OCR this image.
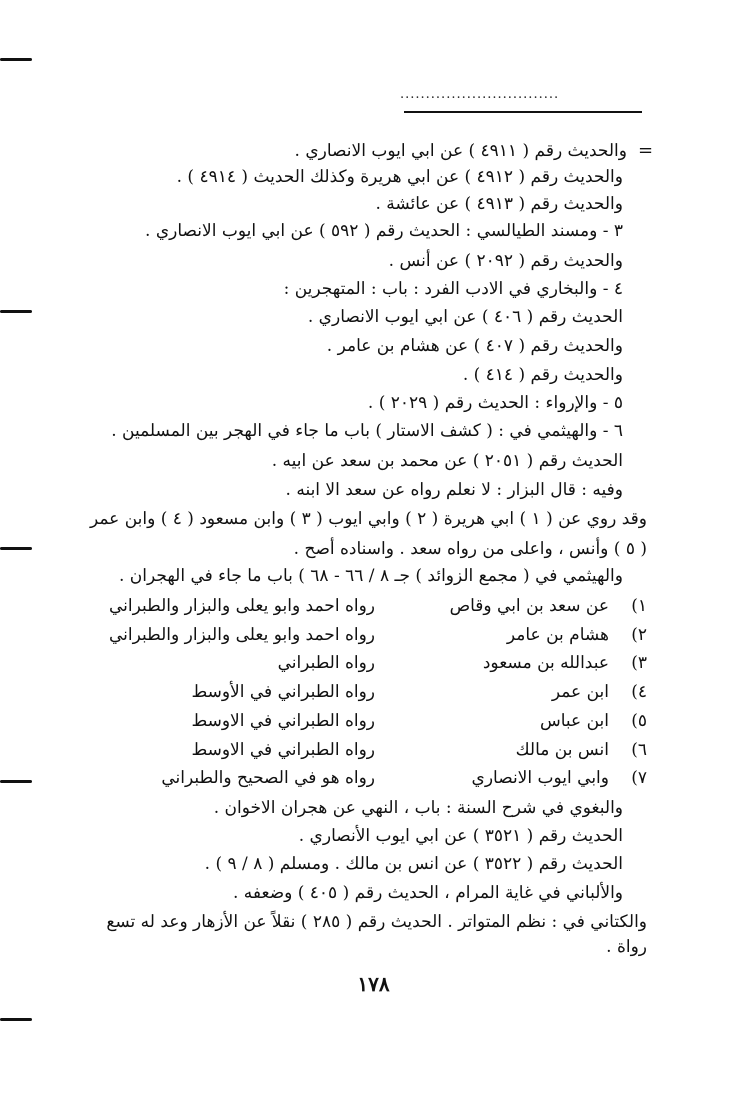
...............................
=
والحديث رقم ( ٤٩١١ ) عن ابي ايوب الانصاري .
والحديث رقم ( ٤٩١٢ ) عن ابي هريرة وكذلك الحديث ( ٤٩١٤ ) .
والحديث رقم ( ٤٩١٣ ) عن عائشة .
٣ - ومسند الطيالسي : الحديث رقم ( ٥٩٢ ) عن ابي ايوب الانصاري .
والحديث رقم ( ٢٠٩٢ ) عن أنس .
٤ - والبخاري في الادب الفرد : باب : المتهجرين :
الحديث رقم ( ٤٠٦ ) عن ابي ايوب الانصاري .
والحديث رقم ( ٤٠٧ ) عن هشام بن عامر .
والحديث رقم ( ٤١٤ ) .
٥ - والإرواء : الحديث رقم ( ٢٠٢٩ ) .
٦ - والهيثمي في : ( كشف الاستار ) باب ما جاء في الهجر بين المسلمين .
الحديث رقم ( ٢٠٥١ ) عن محمد بن سعد عن ابيه .
وفيه : قال البزار : لا نعلم رواه عن سعد الا ابنه .
وقد روي عن ( ١ ) ابي هريرة ( ٢ ) وابي ايوب ( ٣ ) وابن مسعود ( ٤ ) وابن عمر
( ٥ ) وأنس ، واعلى من رواه سعد . واسناده أصح .
والهيثمي في ( مجمع الزوائد ) جـ ٨ / ٦٦ - ٦٨ ) باب ما جاء في الهجران .
١)
عن سعد بن ابي وقاص
رواه احمد وابو يعلى والبزار والطبراني
٢)
هشام بن عامر
رواه احمد وابو يعلى والبزار والطبراني
٣)
عبدالله بن مسعود
رواه الطبراني
٤)
ابن عمر
رواه الطبراني في الأوسط
٥)
ابن عباس
رواه الطبراني في الاوسط
٦)
انس بن مالك
رواه الطبراني في الاوسط
٧)
وابي ايوب الانصاري
رواه هو في الصحيح والطبراني
والبغوي في شرح السنة : باب ، النهي عن هجران الاخوان .
الحديث رقم ( ٣٥٢١ ) عن ابي ايوب الأنصاري .
الحديث رقم ( ٣٥٢٢ ) عن انس بن مالك . ومسلم ( ٨ / ٩ ) .
والألباني في غاية المرام ، الحديث رقم ( ٤٠٥ ) وضعفه .
والكتاني في : نظم المتواتر . الحديث رقم ( ٢٨٥ ) نقلاً عن الأزهار وعد له تسع
رواة .
١٧٨
